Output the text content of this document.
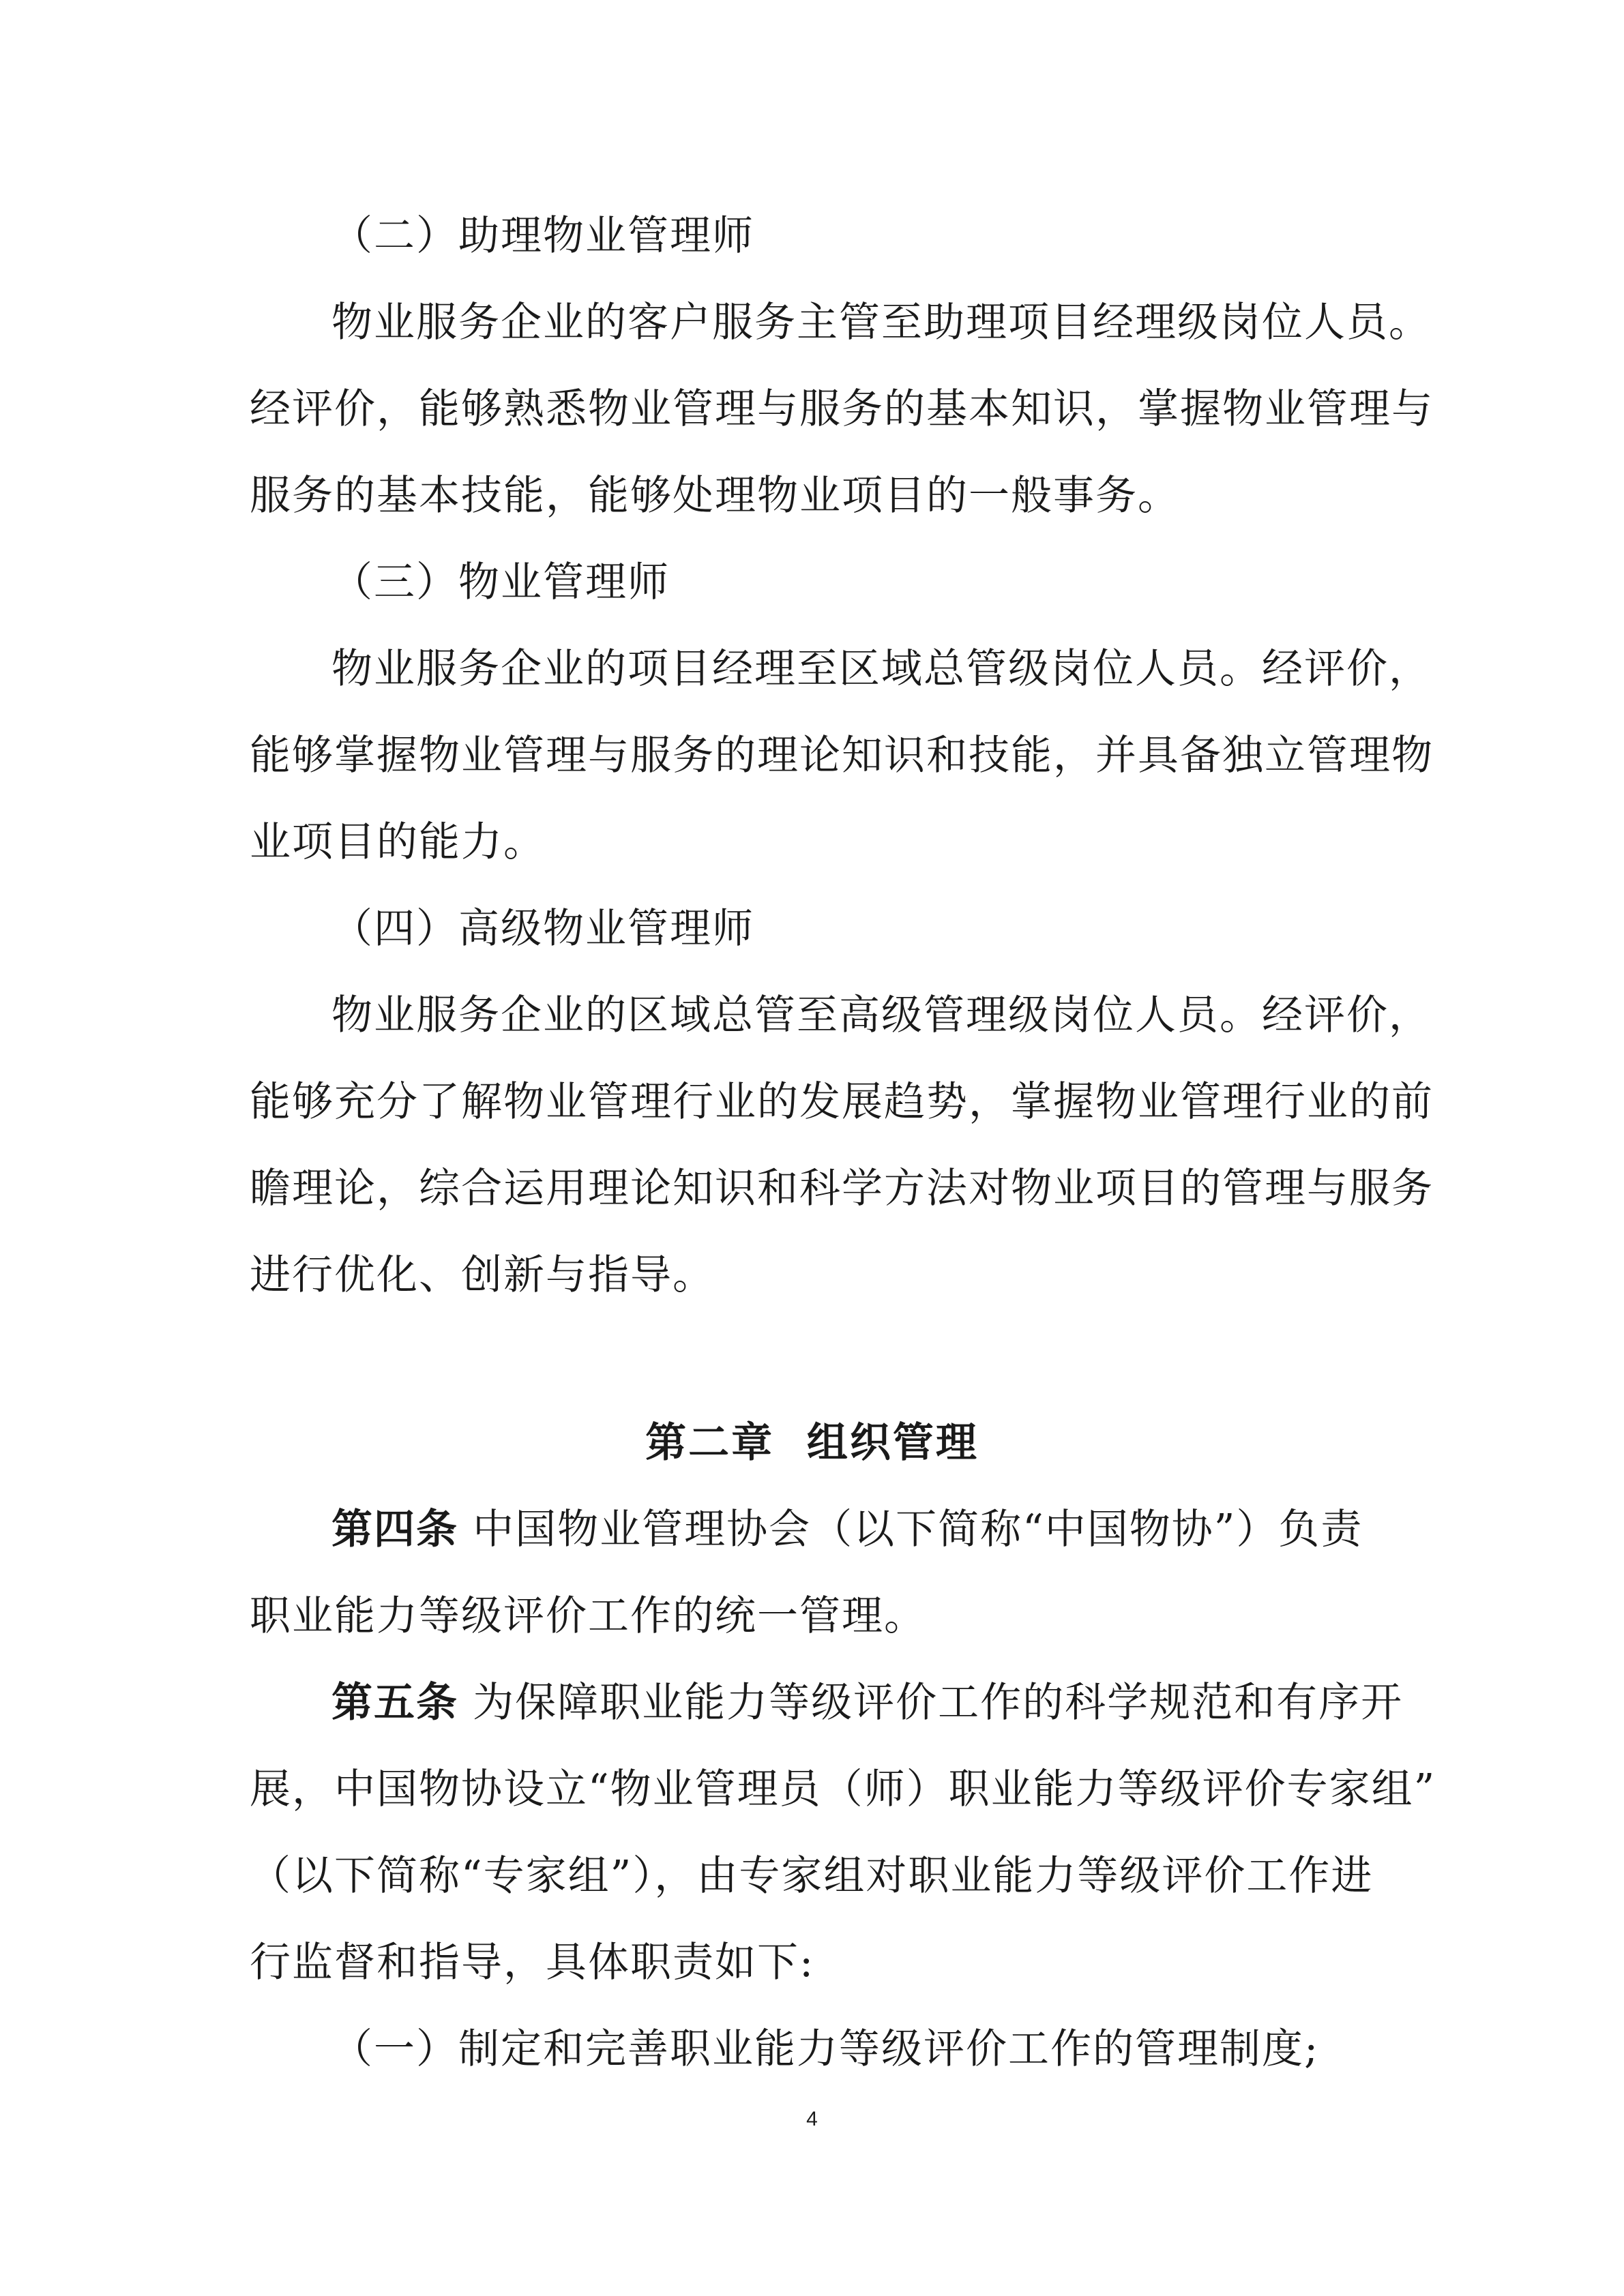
（二）助理物业管理师
物业服务企业的客户服务主管至助理项目经理级岗位人员。
经评价，能够熟悉物业管理与服务的基本知识，掌握物业管理与
服务的基本技能，能够处理物业项目的一般事务。
（三）物业管理师
物业服务企业的项目经理至区域总管级岗位人员。经评价，
能够掌握物业管理与服务的理论知识和技能，并具备独立管理物
业项目的能力。
（四）高级物业管理师
物业服务企业的区域总管至高级管理级岗位人员。经评价，
能够充分了解物业管理行业的发展趋势，掌握物业管理行业的前
瞻理论，综合运用理论知识和科学方法对物业项目的管理与服务
进行优化、创新与指导。
第二章  组织管理
第四条 中国物业管理协会（以下简称“中国物协”）负责
职业能力等级评价工作的统一管理。
第五条 为保障职业能力等级评价工作的科学规范和有序开
展，中国物协设立“物业管理员（师）职业能力等级评价专家组”
（以下简称“专家组”），由专家组对职业能力等级评价工作进
行监督和指导，具体职责如下:
（一）制定和完善职业能力等级评价工作的管理制度;
4
